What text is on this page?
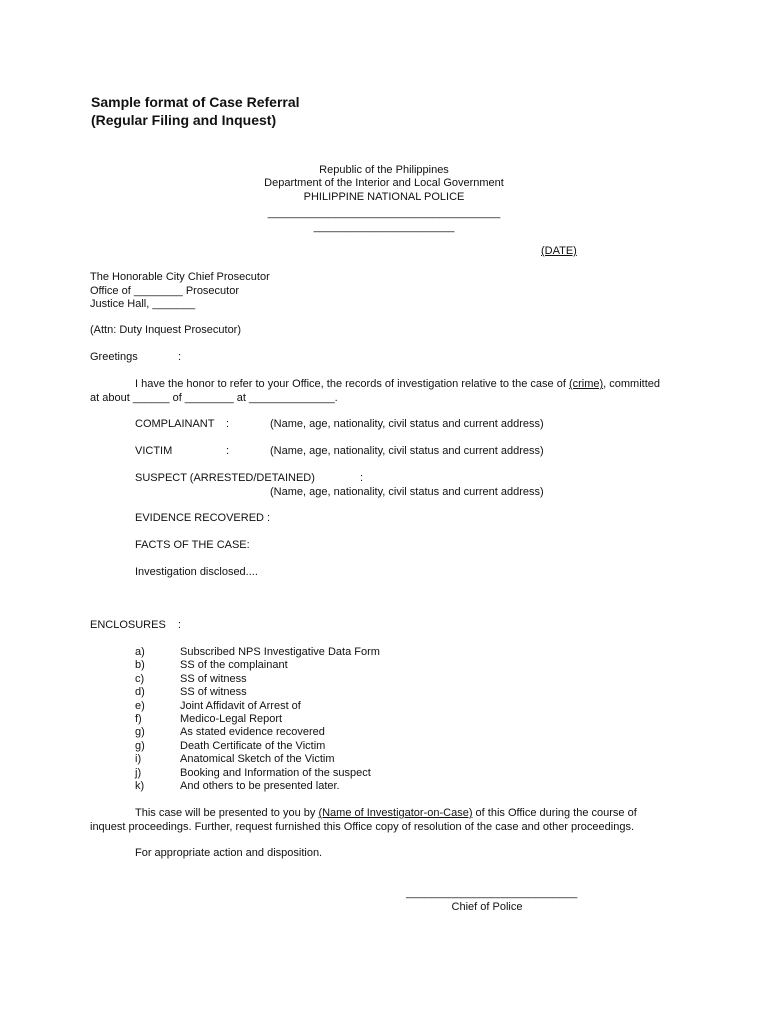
Sample format of Case Referral
(Regular Filing and Inquest)
Republic of the Philippines
Department of the Interior and Local Government
PHILIPPINE NATIONAL POLICE
______________________________________
_______________________
(DATE)
The Honorable City Chief Prosecutor
Office of ________ Prosecutor
Justice Hall, _______
(Attn: Duty Inquest Prosecutor)
Greetings	:
I have the honor to refer to your Office, the records of investigation relative to the case of (crime), committed
at about ______ of ________ at ______________.
COMPLAINANT :	(Name, age, nationality, civil status and current address)
VICTIM	:	(Name, age, nationality, civil status and current address)
SUSPECT (ARRESTED/DETAINED)	:
(Name, age, nationality, civil status and current address)
EVIDENCE RECOVERED :
FACTS OF THE CASE:
Investigation disclosed....
ENCLOSURES :
a)	Subscribed NPS Investigative Data Form
b)	SS of the complainant
c)	SS of witness
d)	SS of witness
e)	Joint Affidavit of Arrest of
f)	Medico-Legal Report
g)	As stated evidence recovered
g)	Death Certificate of the Victim
i)	Anatomical Sketch of the Victim
j)	Booking and Information of the suspect
k)	And others to be presented later.
This case will be presented to you by (Name of Investigator-on-Case) of this Office during the course of
inquest proceedings. Further, request furnished this Office copy of resolution of the case and other proceedings.
For appropriate action and disposition.
____________________________
Chief of Police
